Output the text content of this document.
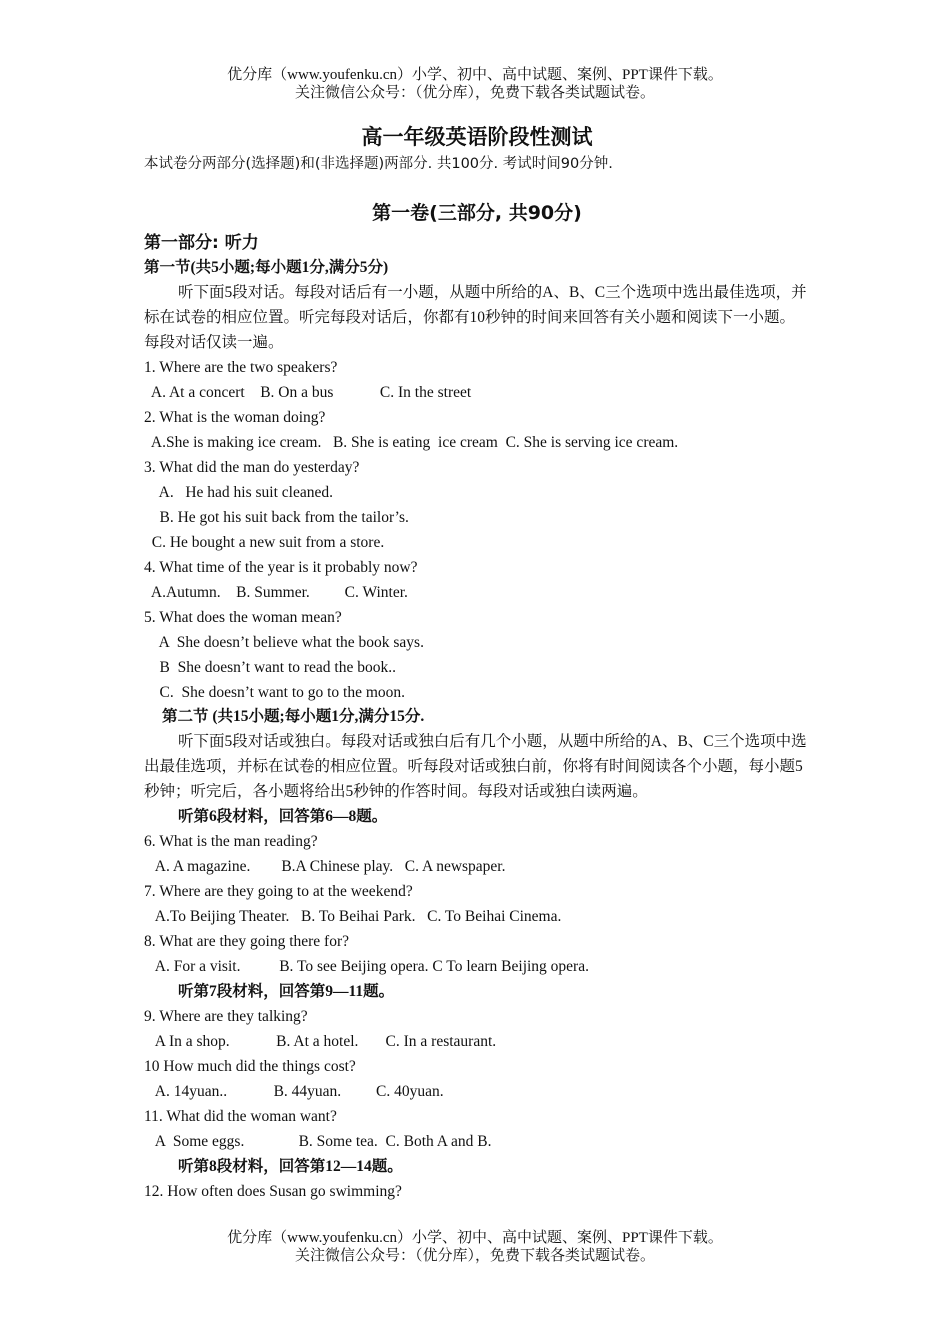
优分库（www.youfenku.cn）小学、初中、高中试题、案例、PPT课件下载。
关注微信公众号：（优分库），免费下载各类试题试卷。
高一年级英语阶段性测试
本试卷分两部分(选择题)和(非选择题)两部分. 共100分. 考试时间90分钟.
第一卷(三部分, 共90分)
第一部分: 听力
第一节(共5小题;每小题1分,满分5分)
听下面5段对话。每段对话后有一小题，从题中所给的A、B、C三个选项中选出最佳选项，并标在试卷的相应位置。听完每段对话后，你都有10秒钟的时间来回答有关小题和阅读下一小题。每段对话仅读一遍。
1. Where are the two speakers?
A. At a concert    B. On a bus            C. In the street
2. What is the woman doing?
A.She is making ice cream.   B. She is eating  ice cream  C. She is serving ice cream.
3. What did the man do yesterday?
A.   He had his suit cleaned.
B. He got his suit back from the tailor’s.
C. He bought a new suit from a store.
4. What time of the year is it probably now?
A.Autumn.    B. Summer.         C. Winter.
5. What does the woman mean?
A  She doesn’t believe what the book says.
B  She doesn’t want to read the book..
C.  She doesn’t want to go to the moon.
第二节 (共15小题;每小题1分,满分15分.
听下面5段对话或独白。每段对话或独白后有几个小题，从题中所给的A、B、C三个选项中选出最佳选项，并标在试卷的相应位置。听每段对话或独白前，你将有时间阅读各个小题，每小题5秒钟；听完后，各小题将给出5秒钟的作答时间。每段对话或独白读两遍。
听第6段材料，回答第6—8题。
6. What is the man reading?
A. A magazine.        B.A Chinese play.   C. A newspaper.
7. Where are they going to at the weekend?
A.To Beijing Theater.   B. To Beihai Park.   C. To Beihai Cinema.
8. What are they going there for?
A. For a visit.          B. To see Beijing opera. C To learn Beijing opera.
听第7段材料，回答第9—11题。
9. Where are they talking?
A In a shop.            B. At a hotel.       C. In a restaurant.
10 How much did the things cost?
A. 14yuan..            B. 44yuan.         C. 40yuan.
11. What did the woman want?
A  Some eggs.              B. Some tea.  C. Both A and B.
听第8段材料，回答第12—14题。
12. How often does Susan go swimming?
优分库（www.youfenku.cn）小学、初中、高中试题、案例、PPT课件下载。
关注微信公众号：（优分库），免费下载各类试题试卷。
